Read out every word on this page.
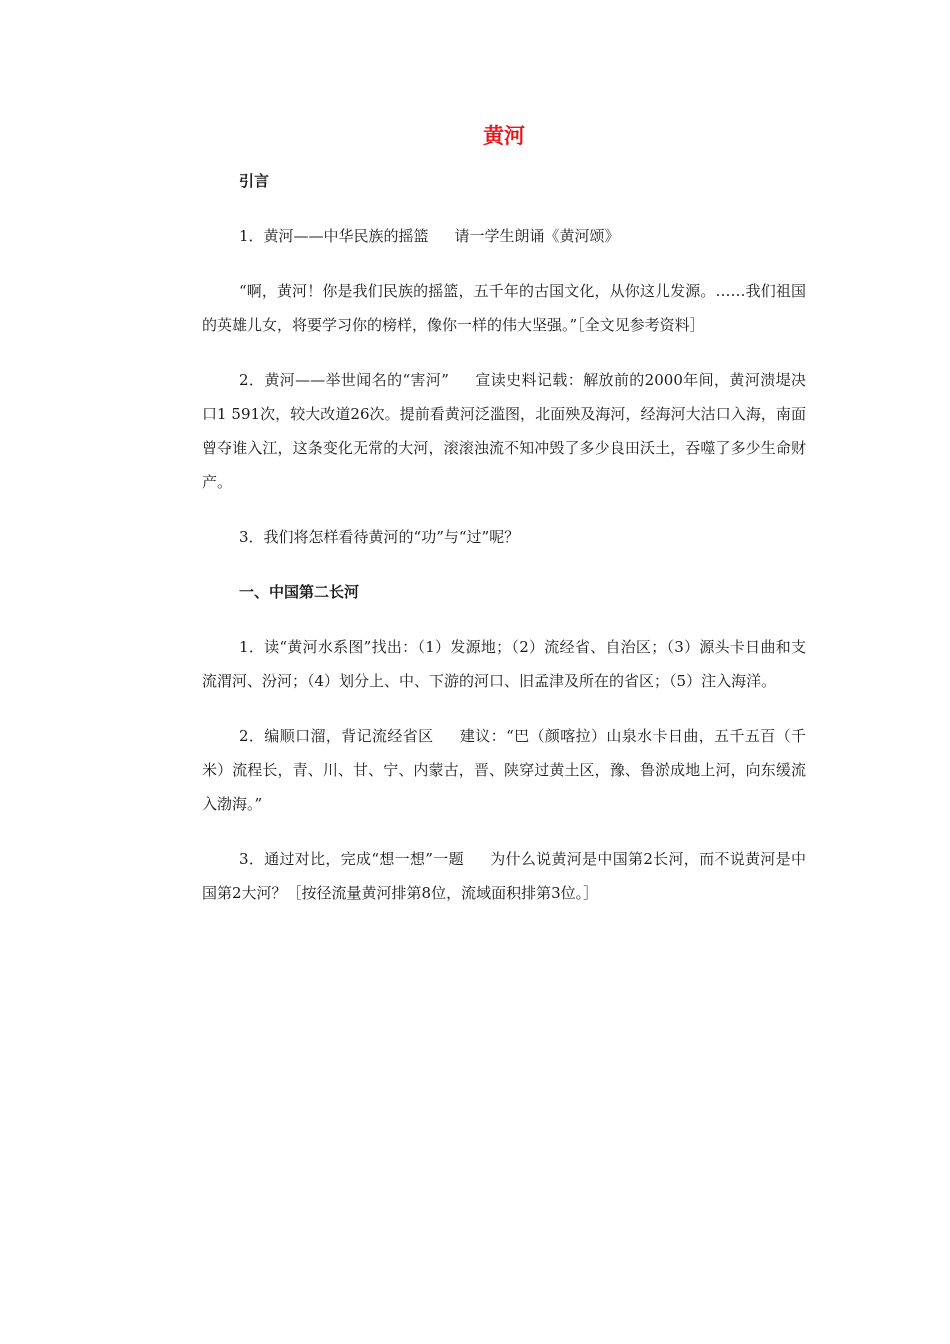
黄河
引言

1．黄河——中华民族的摇篮 请一学生朗诵《黄河颂》

“啊，黄河！你是我们民族的摇篮，五千年的古国文化，从你这儿发源。……我们祖国的英雄儿女，将要学习你的榜样，像你一样的伟大坚强。”［全文见参考资料］

2．黄河——举世闻名的“害河” 宣读史料记载：解放前的2000年间，黄河溃堤决口1 591次，较大改道26次。提前看黄河泛滥图，北面殃及海河，经海河大沽口入海，南面曾夺谁入江，这条变化无常的大河，滚滚浊流不知冲毁了多少良田沃土，吞噬了多少生命财产。

3．我们将怎样看待黄河的“功”与“过”呢？

一、中国第二长河

1．读“黄河水系图”找出：（1）发源地；（2）流经省、自治区；（3）源头卡日曲和支流渭河、汾河；（4）划分上、中、下游的河口、旧孟津及所在的省区；（5）注入海洋。

2．编顺口溜，背记流经省区 建议：“巴（颜喀拉）山泉水卡日曲，五千五百（千米）流程长，青、川、甘、宁、内蒙古，晋、陕穿过黄土区，豫、鲁淤成地上河，向东缓流入渤海。”

3．通过对比，完成“想一想”一题 为什么说黄河是中国第2长河，而不说黄河是中国第2大河？［按径流量黄河排第8位，流域面积排第3位。］
